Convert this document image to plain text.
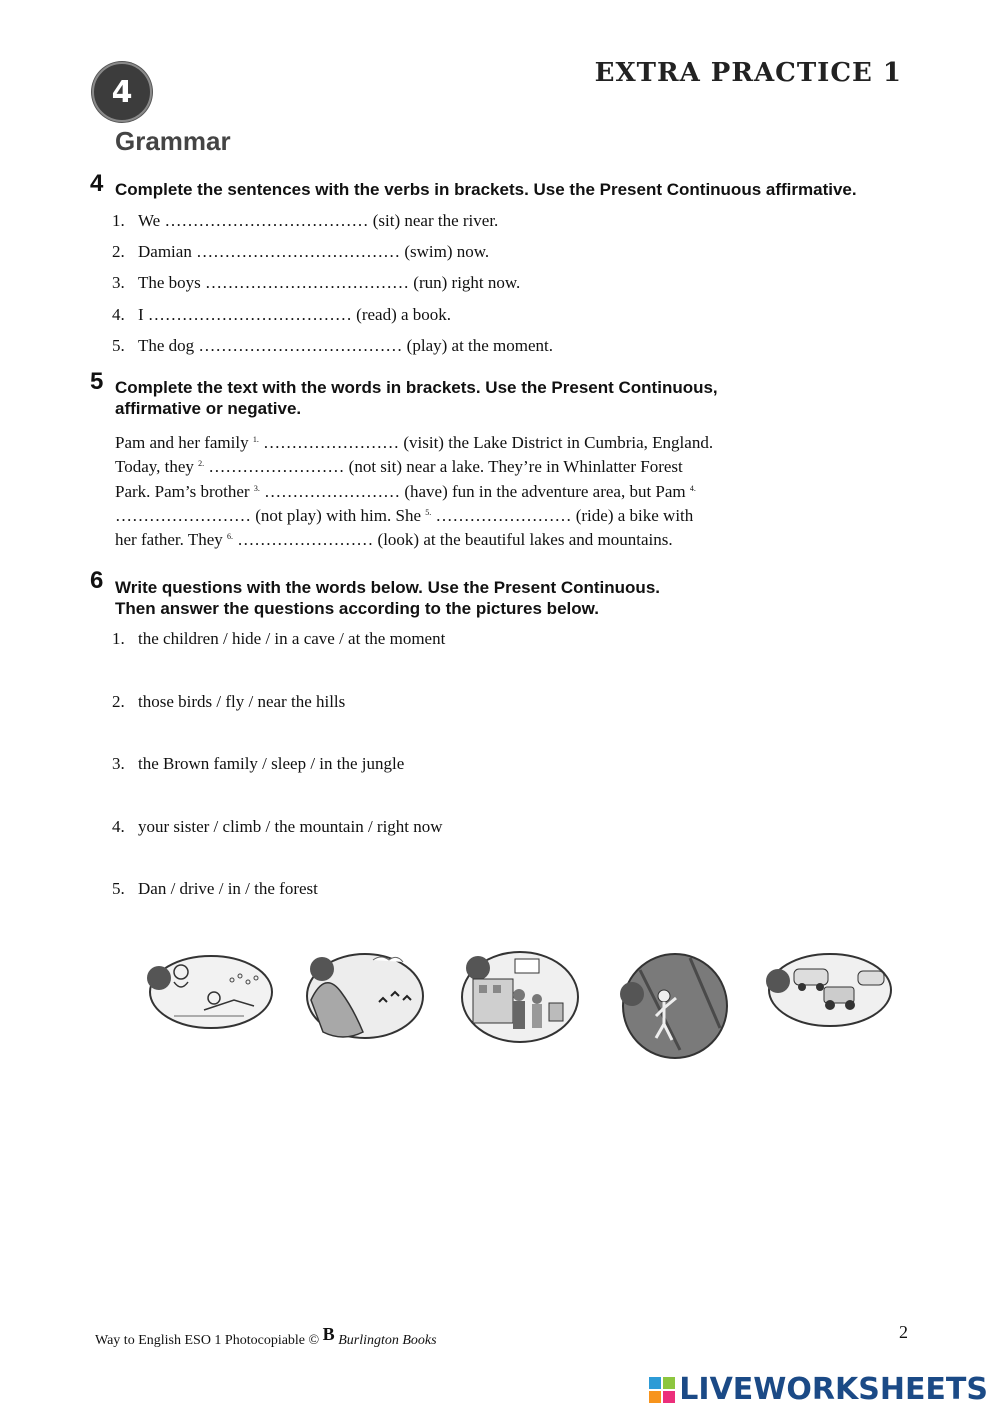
4
EXTRA PRACTICE 1
Grammar
4 Complete the sentences with the verbs in brackets. Use the Present Continuous affirmative.
1. We ……………………………… (sit) near the river.
2. Damian ……………………………… (swim) now.
3. The boys ……………………………… (run) right now.
4. I ……………………………… (read) a book.
5. The dog ……………………………… (play) at the moment.
5 Complete the text with the words in brackets. Use the Present Continuous,
affirmative or negative.
Pam and her family $^{1.}$ …………………… (visit) the Lake District in Cumbria, England. Today, they $^{2.}$ …………………… (not sit) near a lake. They’re in Whinlatter Forest Park. Pam’s brother $^{3.}$ …………………… (have) fun in the adventure area, but Pam $^{4.}$ …………………… (not play) with him. She $^{5.}$ …………………… (ride) a bike with her father. They $^{6.}$ …………………… (look) at the beautiful lakes and mountains.
6 Write questions with the words below. Use the Present Continuous.
Then answer the questions according to the pictures below.
1. the children / hide / in a cave / at the moment
2. those birds / fly / near the hills
3. the Brown family / sleep / in the jungle
4. your sister / climb / the mountain / right now
5. Dan / drive / in / the forest
Way to English ESO 1 Photocopiable © B Burlington Books	2
LIVEWORKSHEETS
